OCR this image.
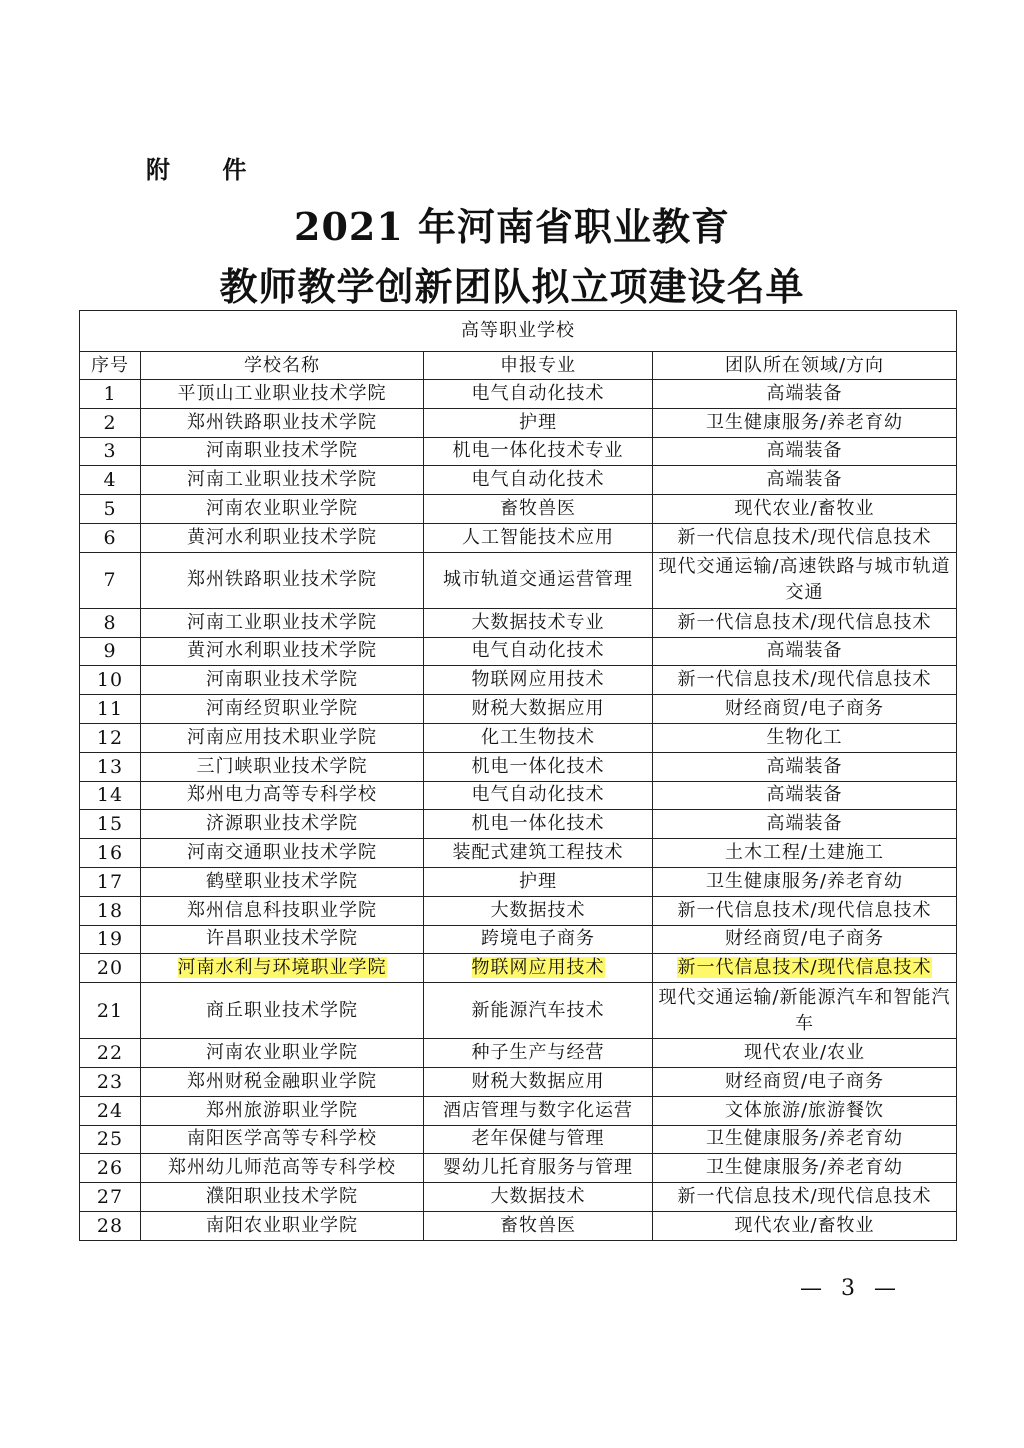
附 件
2021 年河南省职业教育
教师教学创新团队拟立项建设名单
高等职业学校			
序号	学校名称	申报专业	团队所在领域/方向
1	平顶山工业职业技术学院	电气自动化技术	高端装备
2	郑州铁路职业技术学院	护理	卫生健康服务/养老育幼
3	河南职业技术学院	机电一体化技术专业	高端装备
4	河南工业职业技术学院	电气自动化技术	高端装备
5	河南农业职业学院	畜牧兽医	现代农业/畜牧业
6	黄河水利职业技术学院	人工智能技术应用	新一代信息技术/现代信息技术
7	郑州铁路职业技术学院	城市轨道交通运营管理	现代交通运输/高速铁路与城市轨道交通
8	河南工业职业技术学院	大数据技术专业	新一代信息技术/现代信息技术
9	黄河水利职业技术学院	电气自动化技术	高端装备
10	河南职业技术学院	物联网应用技术	新一代信息技术/现代信息技术
11	河南经贸职业学院	财税大数据应用	财经商贸/电子商务
12	河南应用技术职业学院	化工生物技术	生物化工
13	三门峡职业技术学院	机电一体化技术	高端装备
14	郑州电力高等专科学校	电气自动化技术	高端装备
15	济源职业技术学院	机电一体化技术	高端装备
16	河南交通职业技术学院	装配式建筑工程技术	土木工程/土建施工
17	鹤壁职业技术学院	护理	卫生健康服务/养老育幼
18	郑州信息科技职业学院	大数据技术	新一代信息技术/现代信息技术
19	许昌职业技术学院	跨境电子商务	财经商贸/电子商务
20	河南水利与环境职业学院	物联网应用技术	新一代信息技术/现代信息技术
21	商丘职业技术学院	新能源汽车技术	现代交通运输/新能源汽车和智能汽车
22	河南农业职业学院	种子生产与经营	现代农业/农业
23	郑州财税金融职业学院	财税大数据应用	财经商贸/电子商务
24	郑州旅游职业学院	酒店管理与数字化运营	文体旅游/旅游餐饮
25	南阳医学高等专科学校	老年保健与管理	卫生健康服务/养老育幼
26	郑州幼儿师范高等专科学校	婴幼儿托育服务与管理	卫生健康服务/养老育幼
27	濮阳职业技术学院	大数据技术	新一代信息技术/现代信息技术
28	南阳农业职业学院	畜牧兽医	现代农业/畜牧业
— 3 —
